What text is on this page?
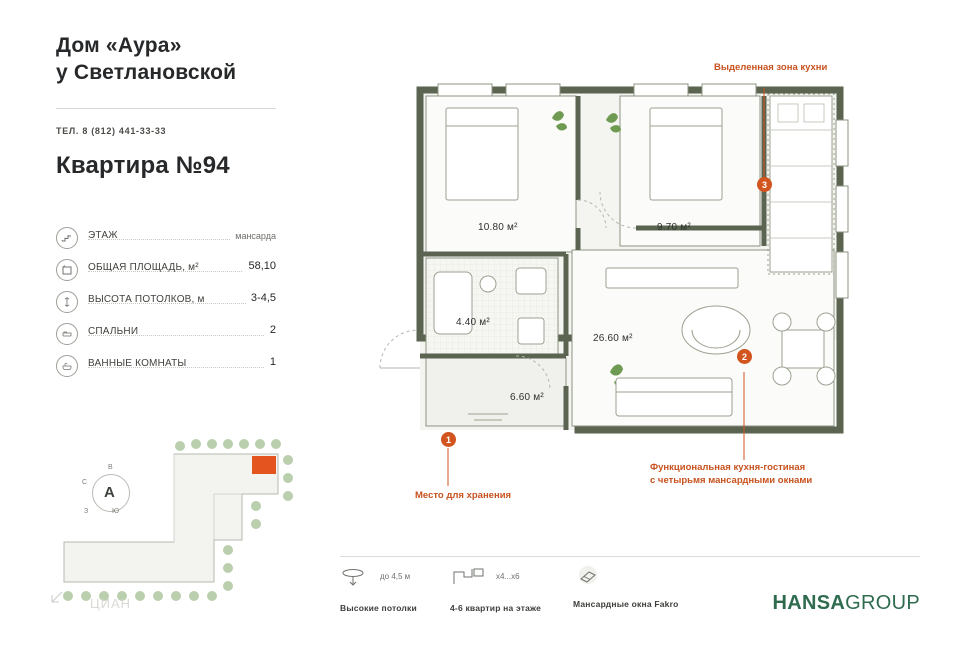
Дом «Аура»
у Светлановской
ТЕЛ. 8 (812) 441-33-33
Квартира №94
ЭТАЖ	мансарда
ОБЩАЯ ПЛОЩАДЬ, м²	58,10
ВЫСОТА ПОТОЛКОВ, м	3-4,5
СПАЛЬНИ	2
ВАННЫЕ КОМНАТЫ	1
В
С
З	Ю
A
ЦИАН
10.80 м²	9.70 м²
4.40 м²
26.60 м²
6.60 м²
1
2
3
Место для хранения
Функциональная кухня-гостиная
с четырьмя мансардными окнами
Выделенная зона кухни
до 4,5 м
Высокие потолки
х4...х6
4-6 квартир на этаже	Мансардные окна Fakro	HANSAGROUP
